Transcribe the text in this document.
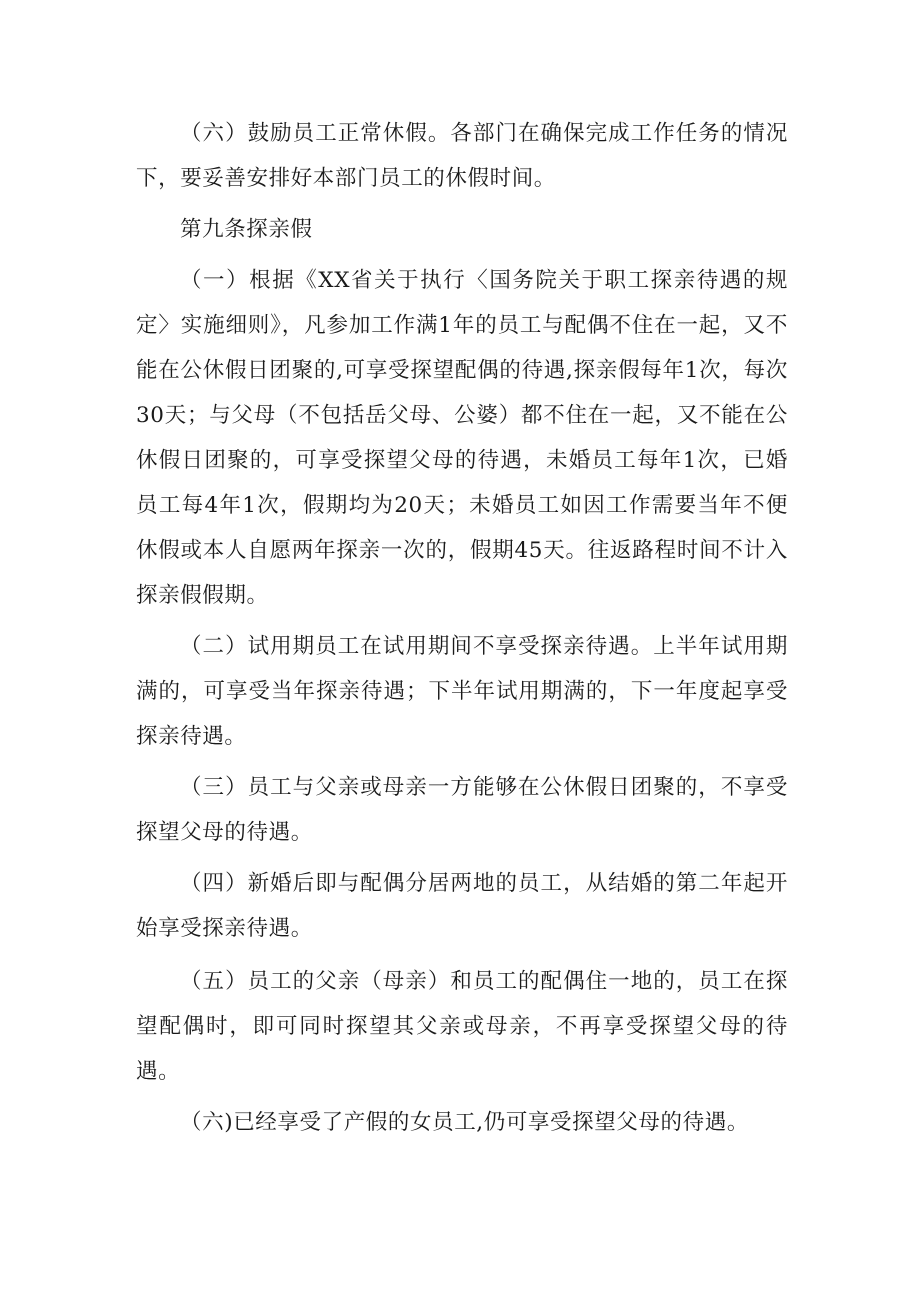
（六）鼓励员工正常休假。各部门在确保完成工作任务的情况下，要妥善安排好本部门员工的休假时间。

第九条探亲假

（一）根据《XX省关于执行〈国务院关于职工探亲待遇的规定〉实施细则》，凡参加工作满1年的员工与配偶不住在一起，又不能在公休假日团聚的,可享受探望配偶的待遇,探亲假每年1次，每次30天；与父母（不包括岳父母、公婆）都不住在一起，又不能在公休假日团聚的，可享受探望父母的待遇，未婚员工每年1次，已婚员工每4年1次，假期均为20天；未婚员工如因工作需要当年不便休假或本人自愿两年探亲一次的，假期45天。往返路程时间不计入探亲假假期。

（二）试用期员工在试用期间不享受探亲待遇。上半年试用期满的，可享受当年探亲待遇；下半年试用期满的，下一年度起享受探亲待遇。

（三）员工与父亲或母亲一方能够在公休假日团聚的，不享受探望父母的待遇。

（四）新婚后即与配偶分居两地的员工，从结婚的第二年起开始享受探亲待遇。

（五）员工的父亲（母亲）和员工的配偶住一地的，员工在探望配偶时，即可同时探望其父亲或母亲，不再享受探望父母的待遇。

（六)已经享受了产假的女员工,仍可享受探望父母的待遇。
